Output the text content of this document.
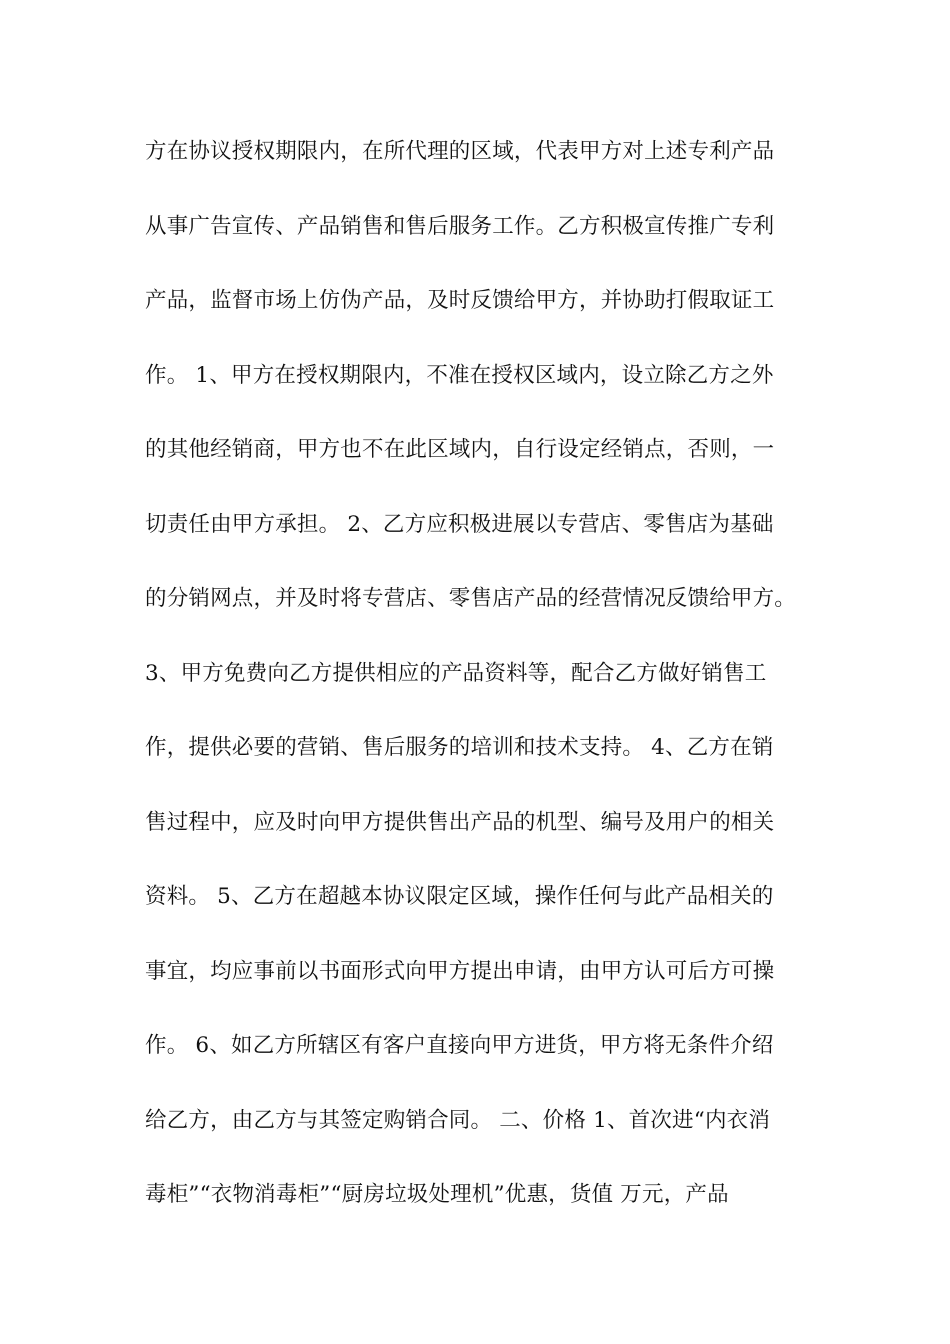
方在协议授权期限内，在所代理的区域，代表甲方对上述专利产品
从事广告宣传、产品销售和售后服务工作。乙方积极宣传推广专利
产品，监督市场上仿伪产品，及时反馈给甲方，并协助打假取证工
作。 1、甲方在授权期限内，不准在授权区域内，设立除乙方之外
的其他经销商，甲方也不在此区域内，自行设定经销点，否则，一
切责任由甲方承担。 2、乙方应积极进展以专营店、零售店为基础
的分销网点，并及时将专营店、零售店产品的经营情况反馈给甲方。
3、甲方免费向乙方提供相应的产品资料等，配合乙方做好销售工
作，提供必要的营销、售后服务的培训和技术支持。 4、乙方在销
售过程中，应及时向甲方提供售出产品的机型、编号及用户的相关
资料。 5、乙方在超越本协议限定区域，操作任何与此产品相关的
事宜，均应事前以书面形式向甲方提出申请，由甲方认可后方可操
作。 6、如乙方所辖区有客户直接向甲方进货，甲方将无条件介绍
给乙方，由乙方与其签定购销合同。 二、价格 1、首次进“内衣消
毒柜”“衣物消毒柜”“厨房垃圾处理机”优惠，货值 万元，产品
